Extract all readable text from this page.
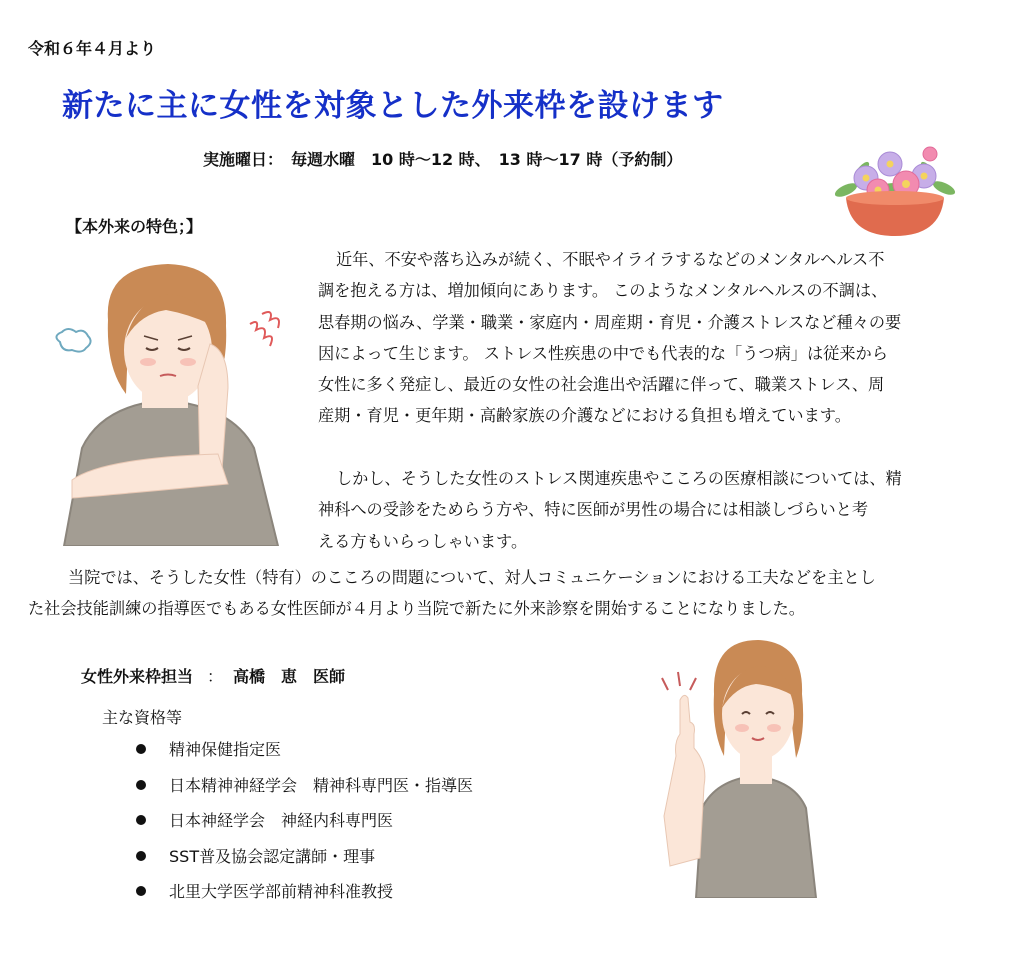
令和６年４月より
新たに主に女性を対象とした外来枠を設けます
実施曜日：　毎週水曜　10 時～12 時、　13 時～17 時（予約制）
【本外来の特色；】
近年、不安や落ち込みが続く、不眠やイライラするなどのメンタルヘルス不
調を抱える方は、増加傾向にあります。 このようなメンタルヘルスの不調は、
思春期の悩み、学業・職業・家庭内・周産期・育児・介護ストレスなど種々の要
因によって生じます。 ストレス性疾患の中でも代表的な「うつ病」は従来から
女性に多く発症し、最近の女性の社会進出や活躍に伴って、職業ストレス、周
産期・育児・更年期・高齢家族の介護などにおける負担も増えています。
しかし、そうした女性のストレス関連疾患やこころの医療相談については、精
神科への受診をためらう方や、特に医師が男性の場合には相談しづらいと考
える方もいらっしゃいます。
当院では、そうした女性（特有）のこころの問題について、対人コミュニケーションにおける工夫などを主とし
た社会技能訓練の指導医でもある女性医師が４月より当院で新たに外来診察を開始することになりました。
女性外来枠担当 ： 高橋　恵　医師
主な資格等
精神保健指定医
日本精神神経学会　精神科専門医・指導医
日本神経学会　神経内科専門医
SST普及協会認定講師・理事
北里大学医学部前精神科准教授
